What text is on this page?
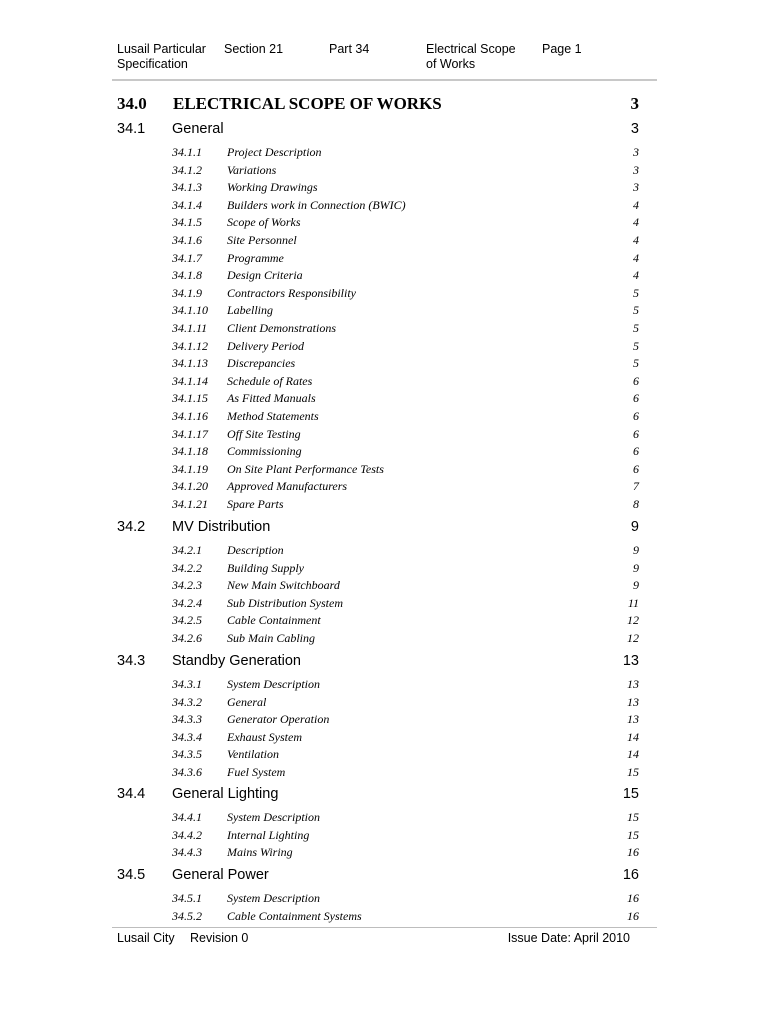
Lusail Particular
Specification
Section 21	Part 34	Electrical Scope
of Works
Page 1
34.0 ELECTRICAL SCOPE OF WORKS	3
34.1 General	3
34.1.1 Project Description	3
34.1.2 Variations	3
34.1.3 Working Drawings	3
34.1.4 Builders work in Connection (BWIC)	4
34.1.5 Scope of Works	4
34.1.6 Site Personnel	4
34.1.7 Programme	4
34.1.8 Design Criteria	4
34.1.9 Contractors Responsibility	5
34.1.10 Labelling	5
34.1.11 Client Demonstrations	5
34.1.12 Delivery Period	5
34.1.13 Discrepancies	5
34.1.14 Schedule of Rates	6
34.1.15 As Fitted Manuals	6
34.1.16 Method Statements	6
34.1.17 Off Site Testing	6
34.1.18 Commissioning	6
34.1.19 On Site Plant Performance Tests	6
34.1.20 Approved Manufacturers	7
34.1.21 Spare Parts	8
34.2 MV Distribution	9
34.2.1 Description	9
34.2.2 Building Supply	9
34.2.3 New Main Switchboard	9
34.2.4 Sub Distribution System	11
34.2.5 Cable Containment	12
34.2.6 Sub Main Cabling	12
34.3 Standby Generation	13
34.3.1 System Description	13
34.3.2 General	13
34.3.3 Generator Operation	13
34.3.4 Exhaust System	14
34.3.5 Ventilation	14
34.3.6 Fuel System	15
34.4 General Lighting	15
34.4.1 System Description	15
34.4.2 Internal Lighting	15
34.4.3 Mains Wiring	16
34.5 General Power	16
34.5.1 System Description	16
34.5.2 Cable Containment Systems	16
Lusail City Revision 0	Issue Date: April 2010
